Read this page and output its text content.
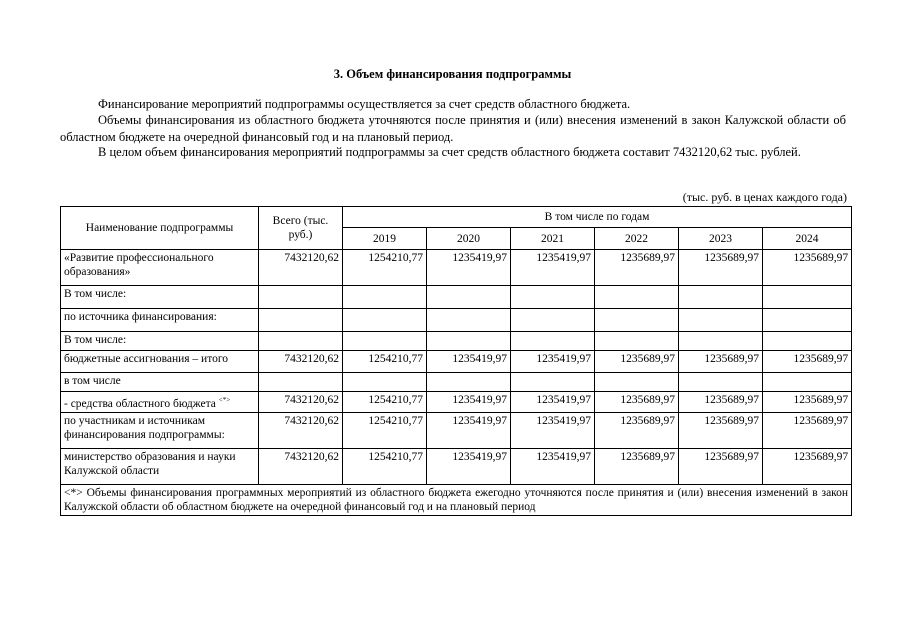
3. Объем финансирования подпрограммы
Финансирование мероприятий подпрограммы осуществляется за счет средств областного бюджета.
Объемы финансирования из областного бюджета уточняются после принятия и (или) внесения изменений в закон Калужской области об областном бюджете на очередной финансовый год и на плановый период.
В целом объем финансирования мероприятий подпрограммы за счет средств областного бюджета составит 7432120,62 тыс. рублей.
(тыс. руб. в ценах каждого года)
Наименование подпрограммы	Всего (тыс. руб.)	В том числе по годам					
		2019	2020	2021	2022	2023	2024
«Развитие профессионального образования»	7432120,62	1254210,77	1235419,97	1235419,97	1235689,97	1235689,97	1235689,97
В том числе:							
по источника финансирования:							
В том числе:							
бюджетные ассигнования – итого	7432120,62	1254210,77	1235419,97	1235419,97	1235689,97	1235689,97	1235689,97
в том числе							
- средства областного бюджета <*>	7432120,62	1254210,77	1235419,97	1235419,97	1235689,97	1235689,97	1235689,97
по участникам и источникам финансирования подпрограммы:	7432120,62	1254210,77	1235419,97	1235419,97	1235689,97	1235689,97	1235689,97
министерство образования и науки Калужской области	7432120,62	1254210,77	1235419,97	1235419,97	1235689,97	1235689,97	1235689,97
<*> Объемы финансирования программных мероприятий из областного бюджета ежегодно уточняются после принятия и (или) внесения изменений в закон Калужской области об областном бюджете на очередной финансовый год и на плановый период							
